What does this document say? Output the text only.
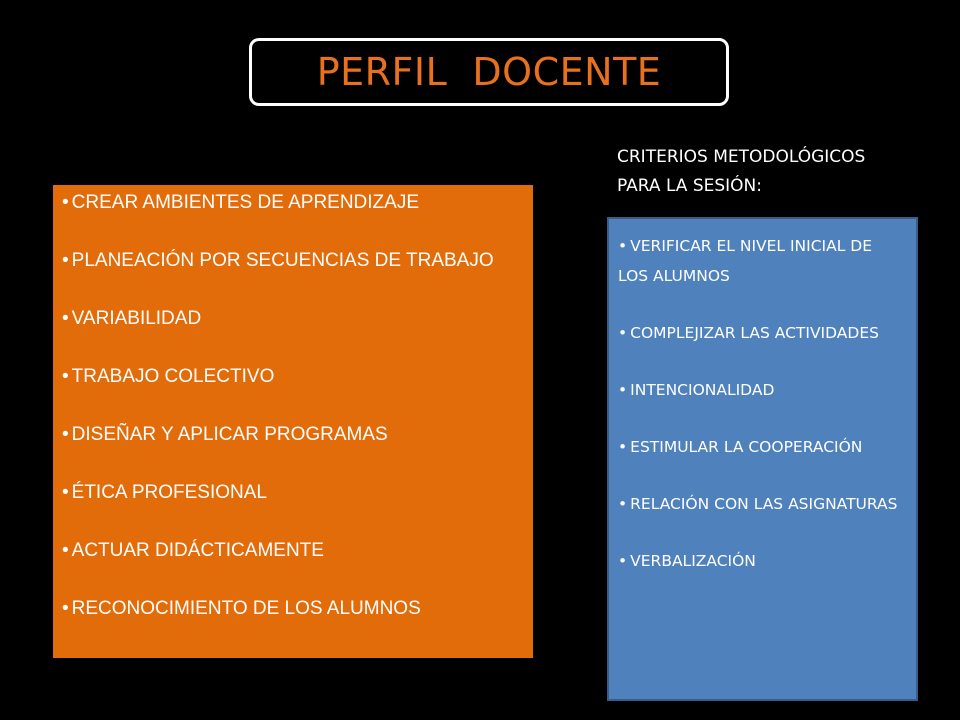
PERFIL  DOCENTE
CRITERIOS METODOLÓGICOS
PARA LA SESIÓN:
• CREAR AMBIENTES DE APRENDIZAJE
• PLANEACIÓN POR SECUENCIAS DE TRABAJO
• VARIABILIDAD
• TRABAJO COLECTIVO
• DISEÑAR Y APLICAR PROGRAMAS
• ÉTICA PROFESIONAL
• ACTUAR DIDÁCTICAMENTE
• RECONOCIMIENTO DE LOS ALUMNOS
• VERIFICAR EL NIVEL INICIAL DE LOS ALUMNOS
• COMPLEJIZAR LAS ACTIVIDADES
• INTENCIONALIDAD
• ESTIMULAR LA COOPERACIÓN
• RELACIÓN CON LAS ASIGNATURAS
• VERBALIZACIÓN
